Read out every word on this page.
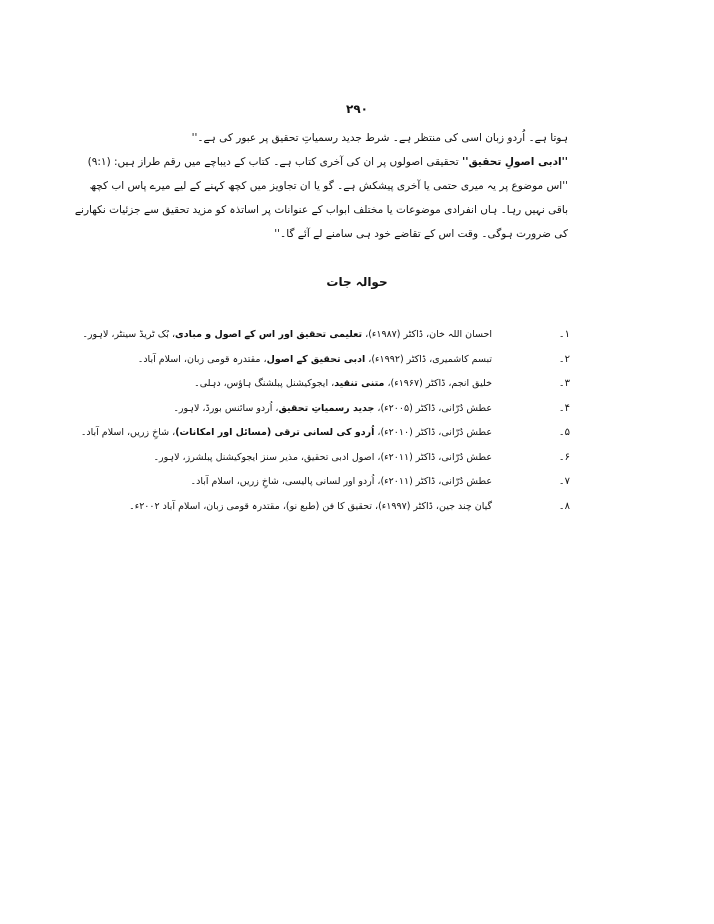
۲۹۰
ہوتا ہے۔ اُردو زبان اسی کی منتظر ہے۔ شرط جدید رسمیاتِ تحقیق پر عبور کی ہے۔''
''ادبی اصولِ تحقیق'' تحقیقی اصولوں پر ان کی آخری کتاب ہے۔ کتاب کے دیباچے میں رقم طراز ہیں: (۹:۱)
''اس موضوع پر یہ میری حتمی یا آخری پیشکش ہے۔ گو یا ان تجاویز میں کچھ کہنے کے لیے میرے پاس اب کچھ
باقی نہیں رہا۔ ہاں انفرادی موضوعات یا مختلف ابواب کے عنوانات پر اساتذہ کو مزید تحقیق سے جزئیات نکھارنے
کی ضرورت ہوگی۔ وقت اس کے تقاضے خود ہی سامنے لے آئے گا۔''
حوالہ جات
۱۔
احسان اللہ خان، ڈاکٹر (۱۹۸۷ء)، تعلیمی تحقیق اور اس کے اصول و مبادی، بُک ٹریڈ سینٹر، لاہور۔
۲۔
تبسم کاشمیری، ڈاکٹر (۱۹۹۲ء)، ادبی تحقیق کے اصول، مقتدرہ قومی زبان، اسلام آباد۔
۳۔
خلیق انجم، ڈاکٹر (۱۹۶۷ء)، متنی تنقید، ایجوکیشنل پبلشنگ ہاؤس، دہلی۔
۴۔
عطش دُرّانی، ڈاکٹر (۲۰۰۵ء)، جدید رسمیاتِ تحقیق، اُردو سائنس بورڈ، لاہور۔
۵۔
عطش دُرّانی، ڈاکٹر (۲۰۱۰ء)، اُردو کی لسانی ترقی (مسائل اور امکانات)، شاخِ زریں، اسلام آباد۔
۶۔
عطش دُرّانی، ڈاکٹر (۲۰۱۱ء)، اصول ادبی تحقیق، مذیر سنز ایجوکیشنل پبلشرز، لاہور۔
۷۔
عطش دُرّانی، ڈاکٹر (۲۰۱۱ء)، اُردو اور لسانی پالیسی، شاخِ زریں، اسلام آباد۔
۸۔
گیان چند جین، ڈاکٹر (۱۹۹۷ء)، تحقیق کا فن (طبع نو)، مقتدرہ قومی زبان، اسلام آباد ۲۰۰۲ء۔
